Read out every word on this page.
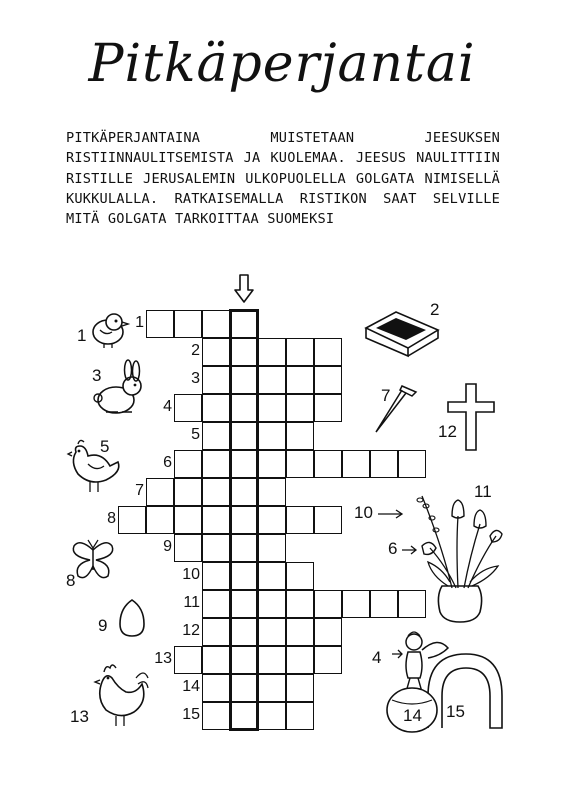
Pitkäperjantai
PITKÄPERJANTAINA MUISTETAAN JEESUKSEN RISTIINNAULITSEMISTA JA KUOLEMAA. JEESUS NAULITTIIN RISTILLE JERUSALEMIN ULKOPUOLELLA GOLGATA NIMISELLÄ KUKKULALLA. RATKAISEMALLA RISTIKON SAAT SELVILLE MITÄ GOLGATA TARKOITTAA SUOMEKSI
1
2
3
4
5
6
7
8
9
10
11
12
13
14
15
1
3
5
8
9
13
2
7
12
10
11
6
4
14 15
